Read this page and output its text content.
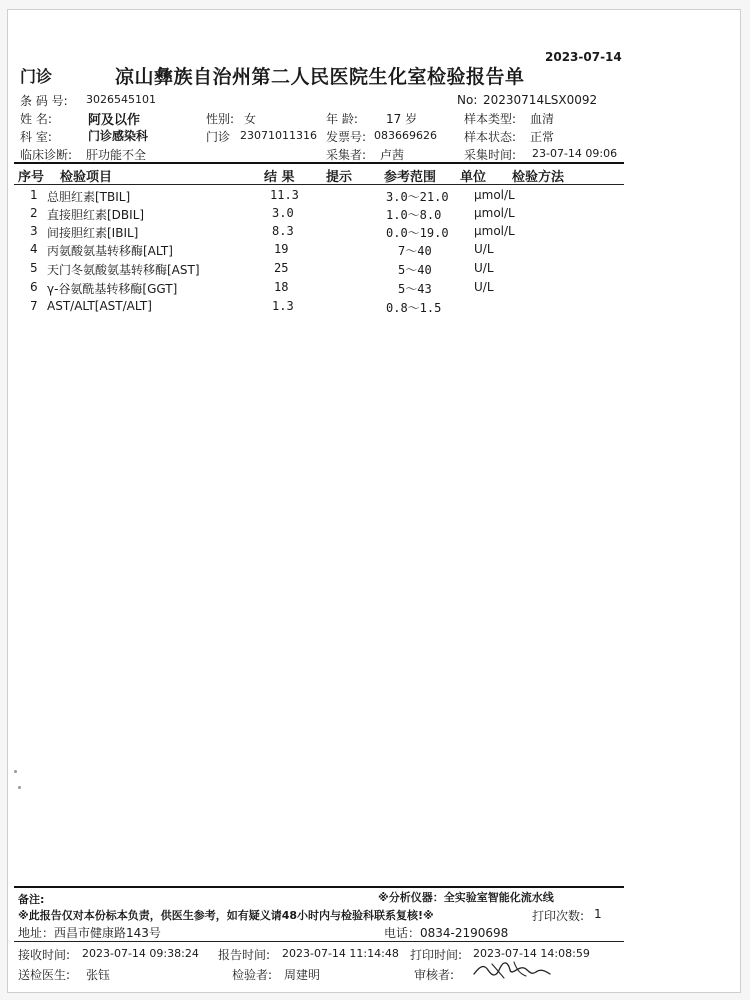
2023-07-14
门诊	凉山彝族自治州第二人民医院生化室检验报告单
条 码 号: 3026545101	No: 20230714LSX0092
姓 名:	阿及以作	性别: 女	年 龄: 17 岁	样本类型: 血清
科 室:	门诊感染科	门诊 23071011316 发票号: 083669626 样本状态: 正常
临床诊断: 肝功能不全	采集者: 卢茜	采集时间: 23-07-14 09:06
序号 检验项目	结 果 提示 参考范围 单位 检验方法
1 总胆红素[TBIL]	11.3	3.0～21.0 μmol/L
2 直接胆红素[DBIL]	3.0	1.0～8.0	μmol/L
3 间接胆红素[IBIL]	8.3	0.0～19.0 μmol/L
4 丙氨酸氨基转移酶[ALT]	19	7～40	U/L
5 天门冬氨酸氨基转移酶[AST]	25	5～40	U/L
6 γ-谷氨酰基转移酶[GGT]	18	5～43	U/L
7 AST/ALT[AST/ALT]	1.3	0.8～1.5
备注:	※分析仪器：全实验室智能化流水线
※此报告仅对本份标本负责，供医生参考，如有疑义请48小时内与检验科联系复核!※	打印次数: 1
地址：西昌市健康路143号	电话：0834-2190698
接收时间: 2023-07-14 09:38:24 报告时间: 2023-07-14 11:14:48 打印时间: 2023-07-14 14:08:59
送检医生: 张钰	检验者: 周建明	审核者:
